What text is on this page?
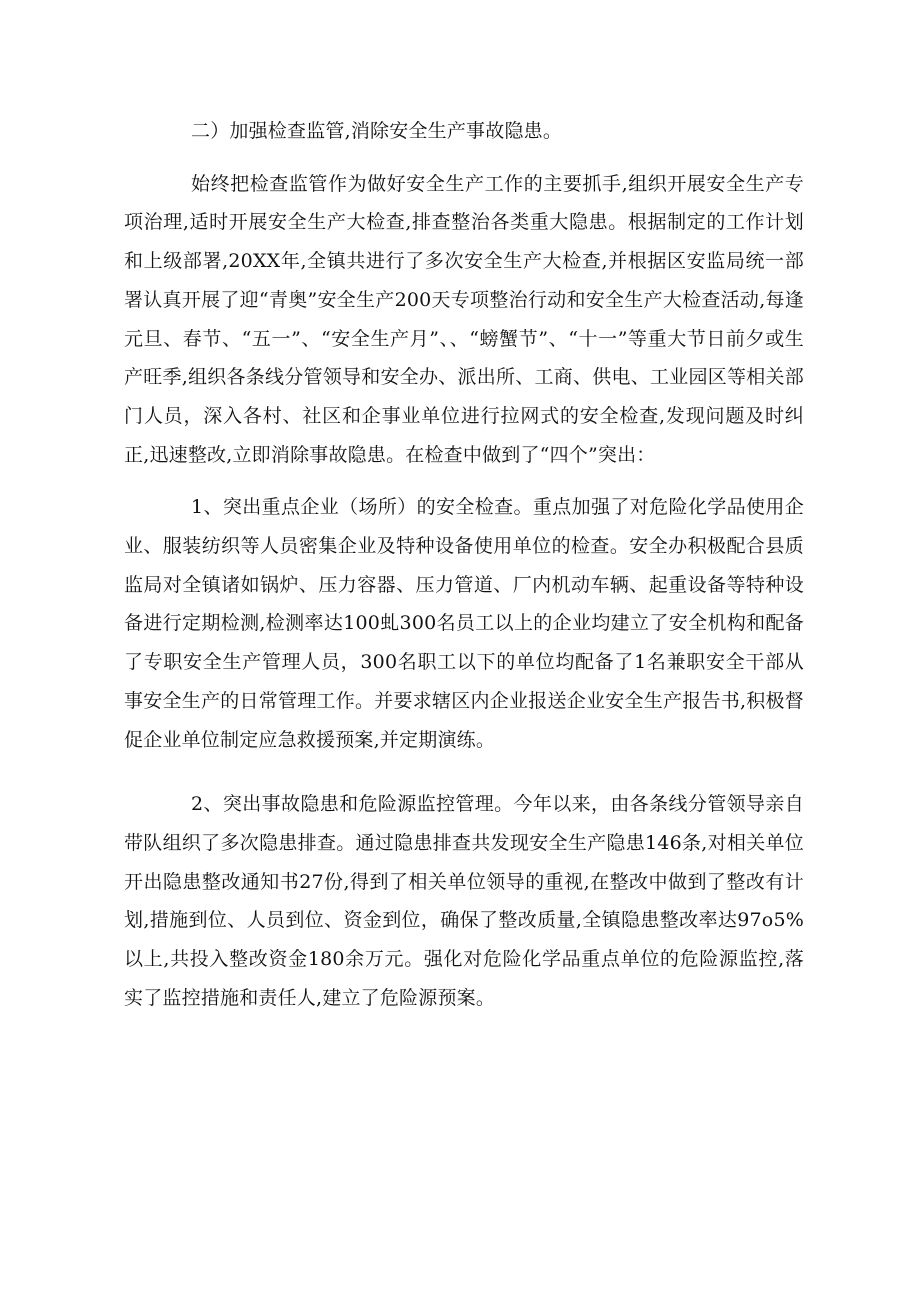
二）加强检查监管,消除安全生产事故隐患。

始终把检查监管作为做好安全生产工作的主要抓手,组织开展安全生产专项治理,适时开展安全生产大检查,排查整治各类重大隐患。根据制定的工作计划和上级部署,20XX年,全镇共进行了多次安全生产大检查,并根据区安监局统一部署认真开展了迎“青奥”安全生产200天专项整治行动和安全生产大检查活动,每逢元旦、春节、“五一”、“安全生产月”、、“螃蟹节”、“十一”等重大节日前夕或生产旺季,组织各条线分管领导和安全办、派出所、工商、供电、工业园区等相关部门人员，深入各村、社区和企事业单位进行拉网式的安全检查,发现问题及时纠正,迅速整改,立即消除事故隐患。在检查中做到了“四个”突出：

1、突出重点企业（场所）的安全检查。重点加强了对危险化学品使用企业、服装纺织等人员密集企业及特种设备使用单位的检查。安全办积极配合县质监局对全镇诸如锅炉、压力容器、压力管道、厂内机动车辆、起重设备等特种设备进行定期检测,检测率达100虬300名员工以上的企业均建立了安全机构和配备了专职安全生产管理人员，300名职工以下的单位均配备了1名兼职安全干部从事安全生产的日常管理工作。并要求辖区内企业报送企业安全生产报告书,积极督促企业单位制定应急救援预案,并定期演练。

2、突出事故隐患和危险源监控管理。今年以来，由各条线分管领导亲自带队组织了多次隐患排查。通过隐患排查共发现安全生产隐患146条,对相关单位开出隐患整改通知书27份,得到了相关单位领导的重视,在整改中做到了整改有计划,措施到位、人员到位、资金到位，确保了整改质量,全镇隐患整改率达97o5%以上,共投入整改资金180余万元。强化对危险化学品重点单位的危险源监控,落实了监控措施和责任人,建立了危险源预案。
